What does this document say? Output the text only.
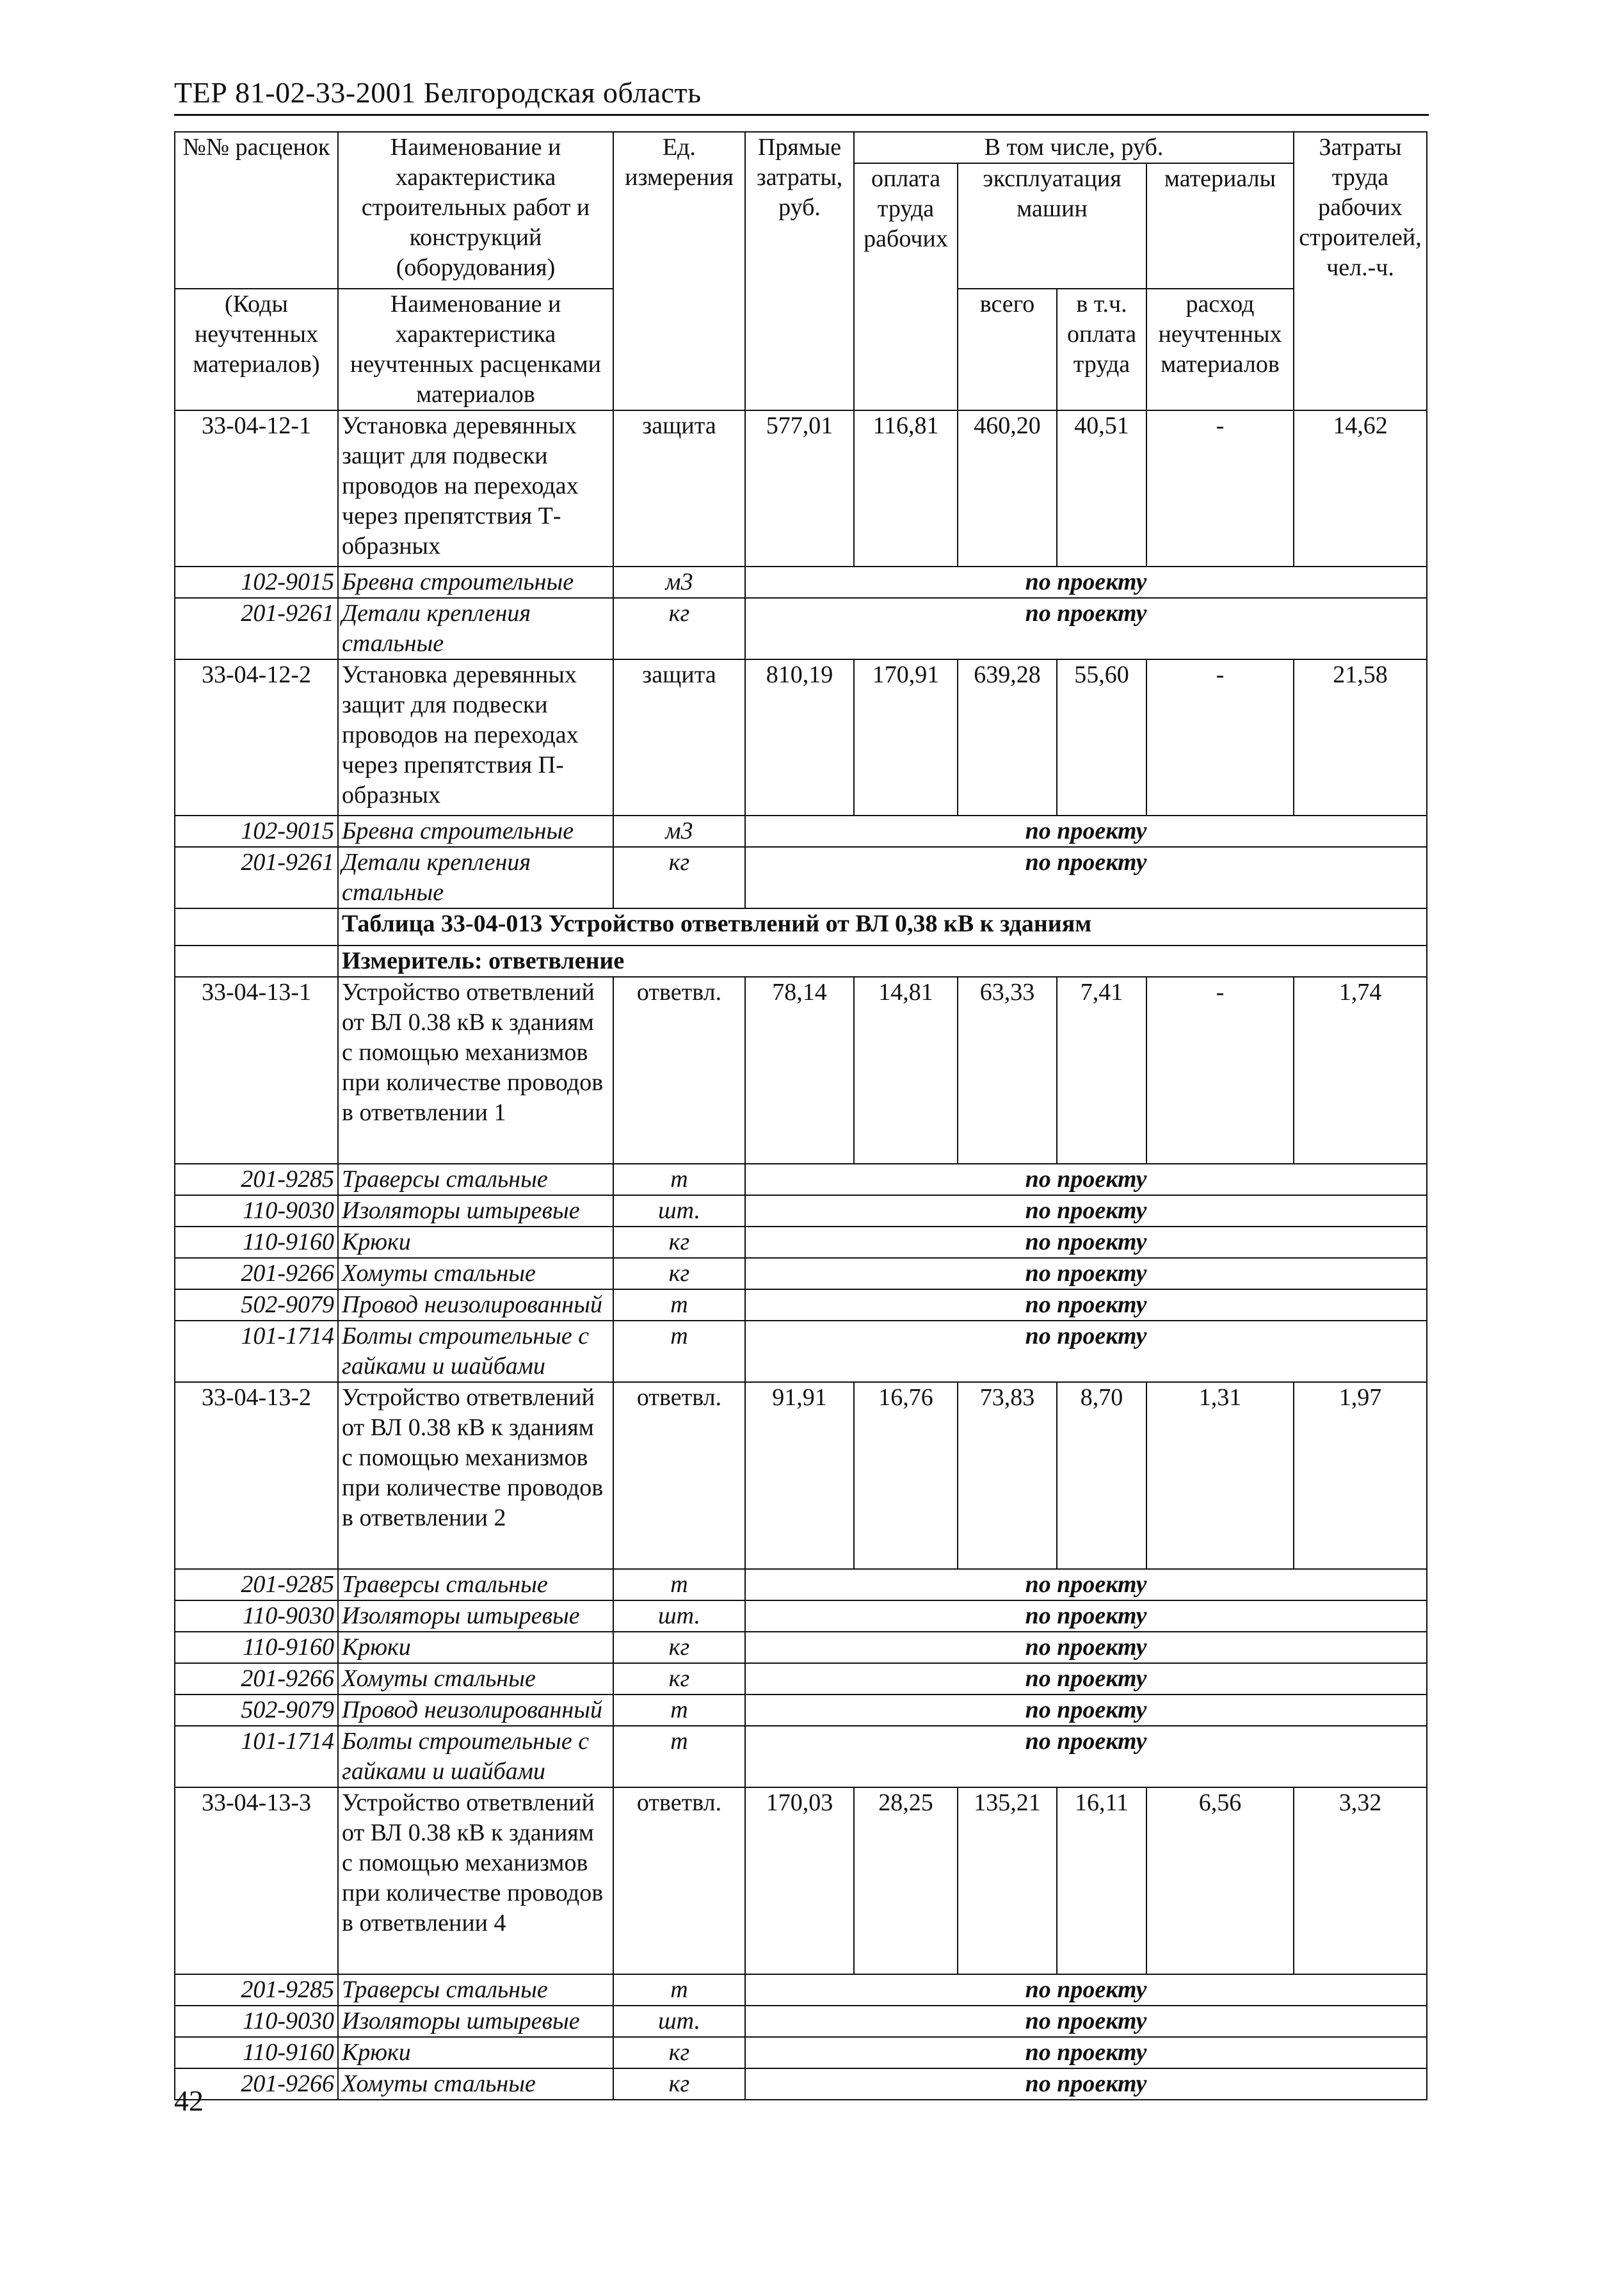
ТЕР 81-02-33-2001 Белгородская область
№№ расценок	Наименование и характеристика строительных работ и конструкций (оборудования)	Ед. измерения	Прямые затраты, руб.	В том числе, руб.				Затраты труда рабочих строителей, чел.-ч.
				оплата труда рабочих	эксплуатация машин		материалы	

(Коды неучтенных материалов)	Наименование и характеристика неучтенных расценками материалов				всего	в т.ч. оплата труда	расход неучтенных материалов	

33-04-12-1	Установка деревянных защит для подвески проводов на переходах через препятствия Т-образных	защита	577,01	116,81	460,20	40,51	-	14,62
102-9015	Бревна строительные	м3	по проекту					
201-9261	Детали крепления стальные	кг	по проекту					
33-04-12-2	Установка деревянных защит для подвески проводов на переходах через препятствия П-образных	защита	810,19	170,91	639,28	55,60	-	21,58
102-9015	Бревна строительные	м3	по проекту					
201-9261	Детали крепления стальные	кг	по проекту					
	Таблица 33-04-013 Устройство ответвлений от ВЛ 0,38 кВ к зданиям							
	Измеритель: ответвление							
33-04-13-1	Устройство ответвлений от ВЛ 0.38 кВ к зданиям с помощью механизмов при количестве проводов в ответвлении 1	ответвл.	78,14	14,81	63,33	7,41	-	1,74
201-9285	Траверсы стальные	т	по проекту					
110-9030	Изоляторы штыревые	шт.	по проекту					
110-9160	Крюки	кг	по проекту					
201-9266	Хомуты стальные	кг	по проекту					
502-9079	Провод неизолированный	т	по проекту					
101-1714	Болты строительные с гайками и шайбами	т	по проекту					
33-04-13-2	Устройство ответвлений от ВЛ 0.38 кВ к зданиям с помощью механизмов при количестве проводов в ответвлении 2	ответвл.	91,91	16,76	73,83	8,70	1,31	1,97
201-9285	Траверсы стальные	т	по проекту					
110-9030	Изоляторы штыревые	шт.	по проекту					
110-9160	Крюки	кг	по проекту					
201-9266	Хомуты стальные	кг	по проекту					
502-9079	Провод неизолированный	т	по проекту					
101-1714	Болты строительные с гайками и шайбами	т	по проекту					
33-04-13-3	Устройство ответвлений от ВЛ 0.38 кВ к зданиям с помощью механизмов при количестве проводов в ответвлении 4	ответвл.	170,03	28,25	135,21	16,11	6,56	3,32
201-9285	Траверсы стальные	т	по проекту					
110-9030	Изоляторы штыревые	шт.	по проекту					
110-9160	Крюки	кг	по проекту					
201-9266	Хомуты стальные	кг	по проекту					
42
